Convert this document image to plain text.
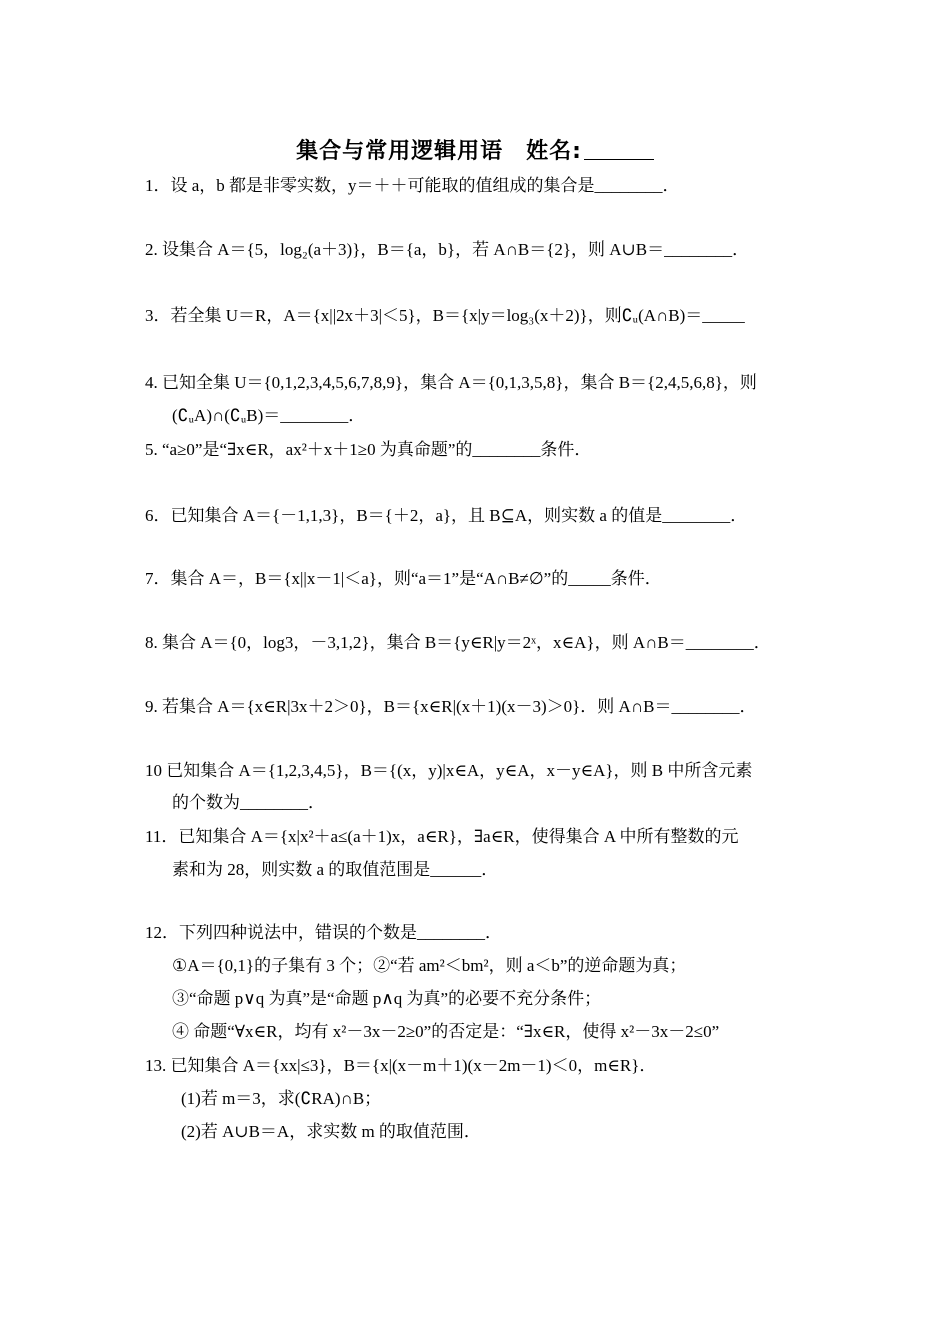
集合与常用逻辑用语　 姓名:
1．设 a，b 都是非零实数，y＝＋＋可能取的值组成的集合是________．
2. 设集合 A＝{5，log₂(a＋3)}，B＝{a，b}，若 A∩B＝{2}，则 A∪B＝________．
3．若全集 U＝R，A＝{x||2x＋3|＜5}，B＝{x|y＝log₃(x＋2)}，则∁ᵤ(A∩B)＝_____
4. 已知全集 U＝{0,1,2,3,4,5,6,7,8,9}，集合 A＝{0,1,3,5,8}，集合 B＝{2,4,5,6,8}，则
(∁ᵤA)∩(∁ᵤB)＝________．
5. “a≥0”是“∃x∈R，ax²＋x＋1≥0 为真命题”的________条件．
6．已知集合 A＝{－1,1,3}，B＝{＋2，a}，且 B⊆A，则实数 a 的值是________．
7．集合 A＝，B＝{x||x－1|＜a}，则“a＝1”是“A∩B≠∅”的_____条件．
8. 集合 A＝{0，log3，－3,1,2}，集合 B＝{y∈R|y＝2ˣ，x∈A}，则 A∩B＝________．
9. 若集合 A＝{x∈R|3x＋2＞0}，B＝{x∈R|(x＋1)(x－3)＞0}．则 A∩B＝________．
10 已知集合 A＝{1,2,3,4,5}，B＝{(x，y)|x∈A，y∈A，x－y∈A}，则 B 中所含元素
的个数为________．
11．已知集合 A＝{x|x²＋a≤(a＋1)x，a∈R}，∃a∈R，使得集合 A 中所有整数的元
素和为 28，则实数 a 的取值范围是______．
12．下列四种说法中，错误的个数是________．
①A＝{0,1}的子集有 3 个；②“若 am²＜bm²，则 a＜b”的逆命题为真；
③“命题 p∨q 为真”是“命题 p∧q 为真”的必要不充分条件；
④ 命题“∀x∈R，均有 x²－3x－2≥0”的否定是：“∃x∈R，使得 x²－3x－2≤0”
13. 已知集合 A＝{xx|≤3}，B＝{x|(x－m＋1)(x－2m－1)＜0，m∈R}．
(1)若 m＝3，求(∁RA)∩B；
(2)若 A∪B＝A，求实数 m 的取值范围．
